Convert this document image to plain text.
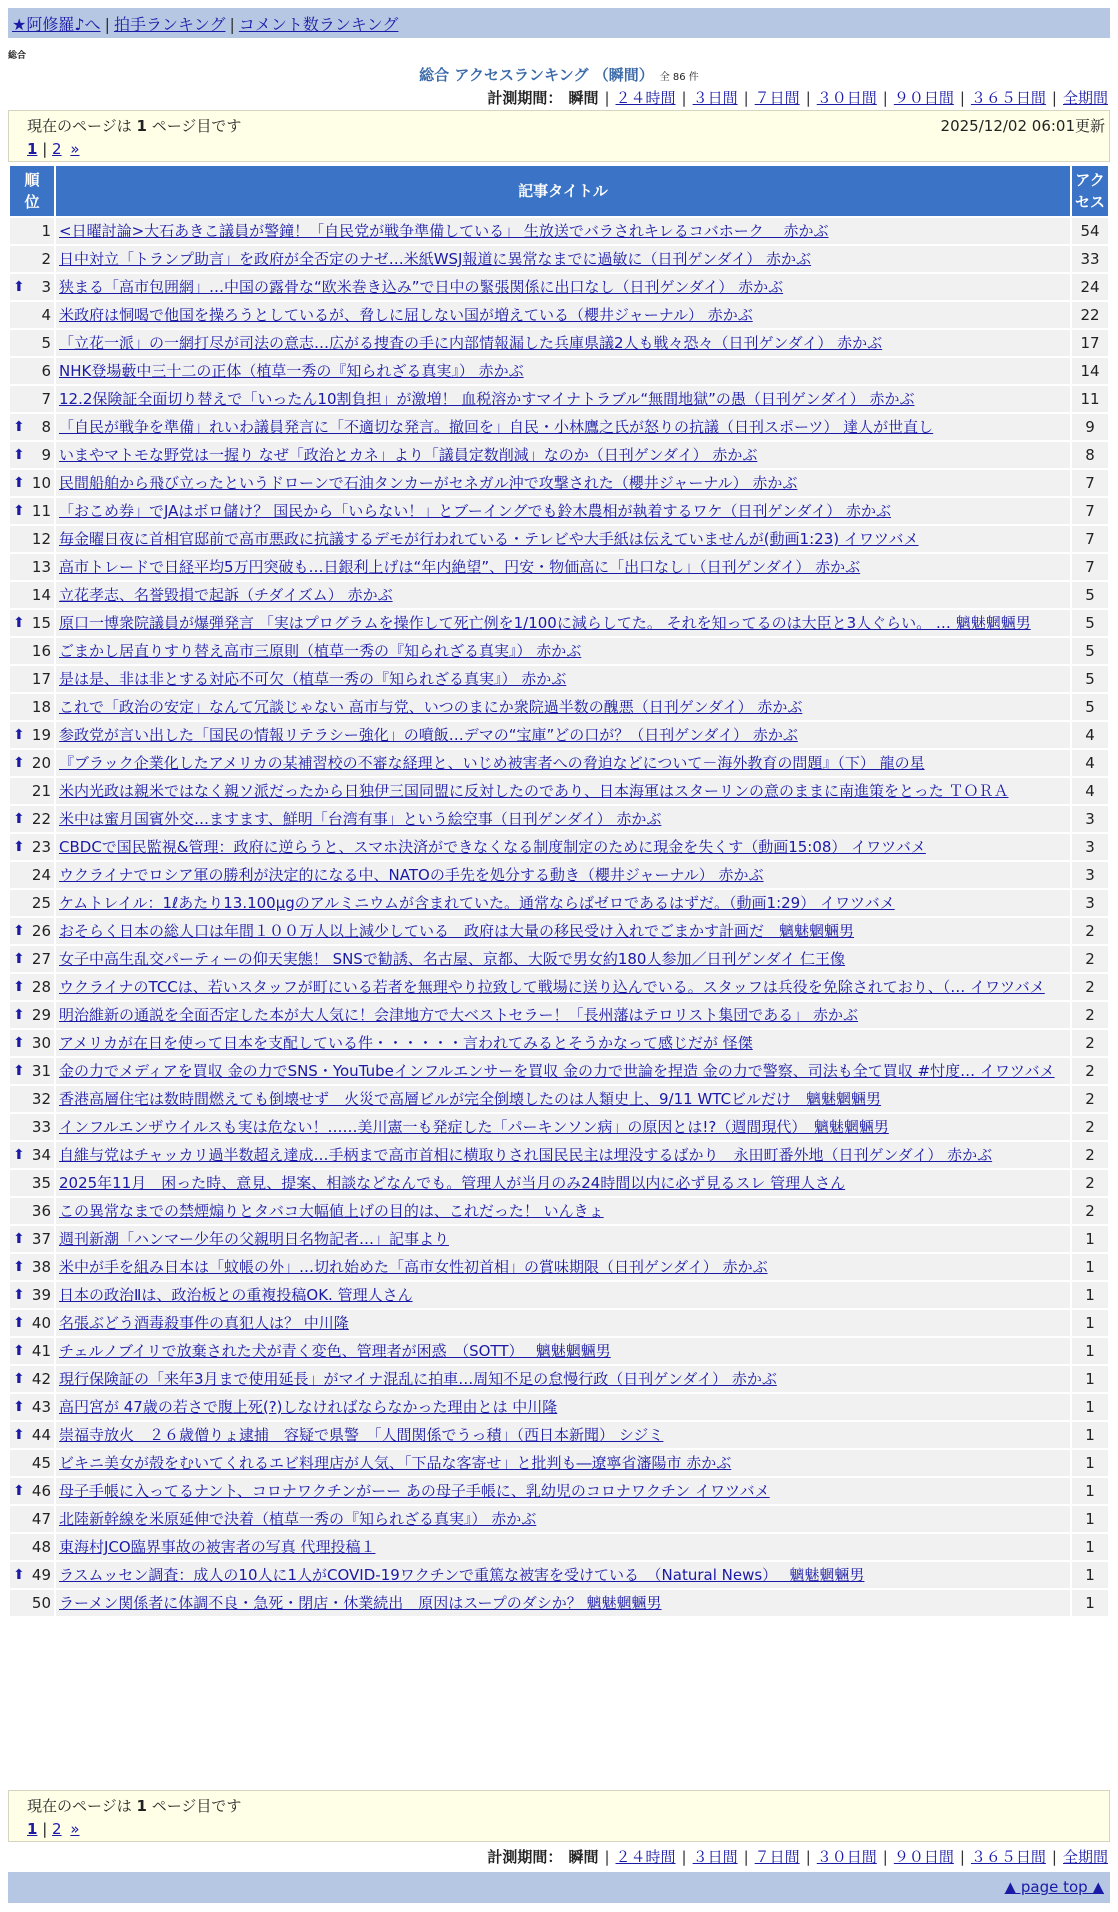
★阿修羅♪へ | 拍手ランキング | コメント数ランキング
総合
総合 アクセスランキング （瞬間） 全 86 件
計測期間： 瞬間 | ２４時間 | ３日間 | ７日間 | ３０日間 | ９０日間 | ３６５日間 | 全期間
現在のページは 1 ページ目です	2025/12/02 06:01更新
1 | 2 »
順
位	記事タイトル	アク
セス
1	<日曜討論>大石あきこ議員が警鐘！「自民党が戦争準備している」 生放送でバラされキレるコバホーク　 赤かぶ	54
2	日中対立「トランプ助言」を政府が全否定のナゼ…米紙WSJ報道に異常なまでに過敏に（日刊ゲンダイ） 赤かぶ	33

⬆ 3	狭まる「高市包囲網」…中国の露骨な“欧米巻き込み”で日中の緊張関係に出口なし（日刊ゲンダイ） 赤かぶ	24
4	米政府は恫喝で他国を操ろうとしているが、脅しに屈しない国が増えている（櫻井ジャーナル） 赤かぶ	22
5	「立花一派」の一網打尽が司法の意志…広がる捜査の手に内部情報漏した兵庫県議2人も戦々恐々（日刊ゲンダイ） 赤かぶ	17
6	NHK登場藪中三十二の正体（植草一秀の『知られざる真実』） 赤かぶ	14
7	12.2保険証全面切り替えで「いったん10割負担」が激増！ 血税溶かすマイナトラブル“無間地獄”の愚（日刊ゲンダイ） 赤かぶ	11

⬆ 8	「自民が戦争を準備」れいわ議員発言に「不適切な発言。撤回を」自民・小林鷹之氏が怒りの抗議（日刊スポーツ） 達人が世直し	9

⬆ 9	いまやマトモな野党は一握り なぜ「政治とカネ」より「議員定数削減」なのか（日刊ゲンダイ） 赤かぶ	8

⬆ 10	民間船舶から飛び立ったというドローンで石油タンカーがセネガル沖で攻撃された（櫻井ジャーナル） 赤かぶ	7

⬆ 11	「おこめ券」でJAはボロ儲け？ 国民から「いらない！」とブーイングでも鈴木農相が執着するワケ（日刊ゲンダイ） 赤かぶ	7
12	毎金曜日夜に首相官邸前で高市悪政に抗議するデモが行われている・テレビや大手紙は伝えていませんが(動画1:23) イワツバメ	7
13	高市トレードで日経平均5万円突破も…日銀利上げは“年内絶望”、円安・物価高に「出口なし」（日刊ゲンダイ） 赤かぶ	7
14	立花孝志、名誉毀損で起訴（チダイズム） 赤かぶ	5

⬆ 15	原口一博衆院議員が爆弾発言 「実はプログラムを操作して死亡例を1/100に減らしてた。 それを知ってるのは大臣と3人ぐらい。 … 魑魅魍魎男	5
16	ごまかし居直りすり替え高市三原則（植草一秀の『知られざる真実』） 赤かぶ	5
17	是は是、非は非とする対応不可欠（植草一秀の『知られざる真実』） 赤かぶ	5
18	これで「政治の安定」なんて冗談じゃない 高市与党、いつのまにか衆院過半数の醜悪（日刊ゲンダイ） 赤かぶ	5

⬆ 19	参政党が言い出した「国民の情報リテラシー強化」の噴飯…デマの“宝庫”どの口が？（日刊ゲンダイ） 赤かぶ	4

⬆ 20	『ブラック企業化したアメリカの某補習校の不審な経理と、いじめ被害者への脅迫などについて－海外教育の問題』（下） 龍の星	4
21	米内光政は親米ではなく親ソ派だったから日独伊三国同盟に反対したのであり、日本海軍はスターリンの意のままに南進策をとった ＴＯＲＡ	4

⬆ 22	米中は蜜月国賓外交…ますます、鮮明「台湾有事」という絵空事（日刊ゲンダイ） 赤かぶ	3

⬆ 23	CBDCで国民監視&管理：政府に逆らうと、スマホ決済ができなくなる制度制定のために現金を失くす（動画15:08） イワツバメ	3
24	ウクライナでロシア軍の勝利が決定的になる中、NATOの手先を処分する動き（櫻井ジャーナル） 赤かぶ	3
25	ケムトレイル：1ℓあたり13.100μgのアルミニウムが含まれていた。通常ならばゼロであるはずだ。（動画1:29） イワツバメ	3

⬆ 26	おそらく日本の総人口は年間１００万人以上減少している　政府は大量の移民受け入れでごまかす計画だ　魑魅魍魎男	2

⬆ 27	女子中高生乱交パーティーの仰天実態！ SNSで勧誘、名古屋、京都、大阪で男女約180人参加／日刊ゲンダイ 仁王像	2

⬆ 28	ウクライナのTCCは、若いスタッフが町にいる若者を無理やり拉致して戦場に送り込んでいる。スタッフは兵役を免除されており、（… イワツバメ	2

⬆ 29	明治維新の通説を全面否定した本が大人気に！会津地方で大ベストセラー！「長州藩はテロリスト集団である」 赤かぶ	2

⬆ 30	アメリカが在日を使って日本を支配している件・・・・・・言われてみるとそうかなって感じだが 怪傑	2

⬆ 31	金の力でメディアを買収 金の力でSNS・YouTubeインフルエンサーを買収 金の力で世論を捏造 金の力で警察、司法も全て買収 #忖度… イワツバメ	2
32	香港高層住宅は数時間燃えても倒壊せず　火災で高層ビルが完全倒壊したのは人類史上、9/11 WTCビルだけ　魑魅魍魎男	2
33	インフルエンザウイルスも実は危ない！……美川憲一も発症した「パーキンソン病」の原因とは!?（週間現代）　魑魅魍魎男	2

⬆ 34	自維与党はチャッカリ過半数超え達成…手柄まで高市首相に横取りされ国民民主は埋没するばかり　永田町番外地（日刊ゲンダイ） 赤かぶ	2
35	2025年11月　困った時、意見、提案、相談などなんでも。管理人が当月のみ24時間以内に必ず見るスレ 管理人さん	2
36	この異常なまでの禁煙煽りとタバコ大幅値上げの目的は、これだった！ いんきょ	2

⬆ 37	週刊新潮「ハンマー少年の父親明日名物記者…」記事より	1

⬆ 38	米中が手を組み日本は「蚊帳の外」…切れ始めた「高市女性初首相」の賞味期限（日刊ゲンダイ） 赤かぶ	1

⬆ 39	日本の政治Ⅱは、政治板との重複投稿OK. 管理人さん	1

⬆ 40	名張ぶどう酒毒殺事件の真犯人は？ 中川隆	1

⬆ 41	チェルノブイリで放棄された犬が青く変色、管理者が困惑　（SOTT）　 魑魅魍魎男	1

⬆ 42	現行保険証の「来年3月まで使用延長」がマイナ混乱に拍車…周知不足の怠慢行政（日刊ゲンダイ） 赤かぶ	1

⬆ 43	高円宮が 47歳の若さで腹上死(?)しなければならなかった理由とは 中川隆	1

⬆ 44	崇福寺放火　２６歳僧りょ逮捕　容疑で県警　「人間関係でうっ積」（西日本新聞） シジミ	1
45	ビキニ美女が殻をむいてくれるエビ料理店が人気、「下品な客寄せ」と批判も―遼寧省瀋陽市 赤かぶ	1

⬆ 46	母子手帳に入ってるナント、コロナワクチンがーー あの母子手帳に、乳幼児のコロナワクチン イワツバメ	1
47	北陸新幹線を米原延伸で決着（植草一秀の『知られざる真実』） 赤かぶ	1
48	東海村JCO臨界事故の被害者の写真 代理投稿１	1

⬆ 49	ラスムッセン調査：成人の10人に1人がCOVID-19ワクチンで重篤な被害を受けている　（Natural News）　 魑魅魍魎男	1
50	ラーメン関係者に体調不良・急死・閉店・休業続出　原因はスープのダシか？ 魑魅魍魎男	1
現在のページは 1 ページ目です
1 | 2 »
計測期間： 瞬間 | ２４時間 | ３日間 | ７日間 | ３０日間 | ９０日間 | ３６５日間 | 全期間
▲ page top ▲
